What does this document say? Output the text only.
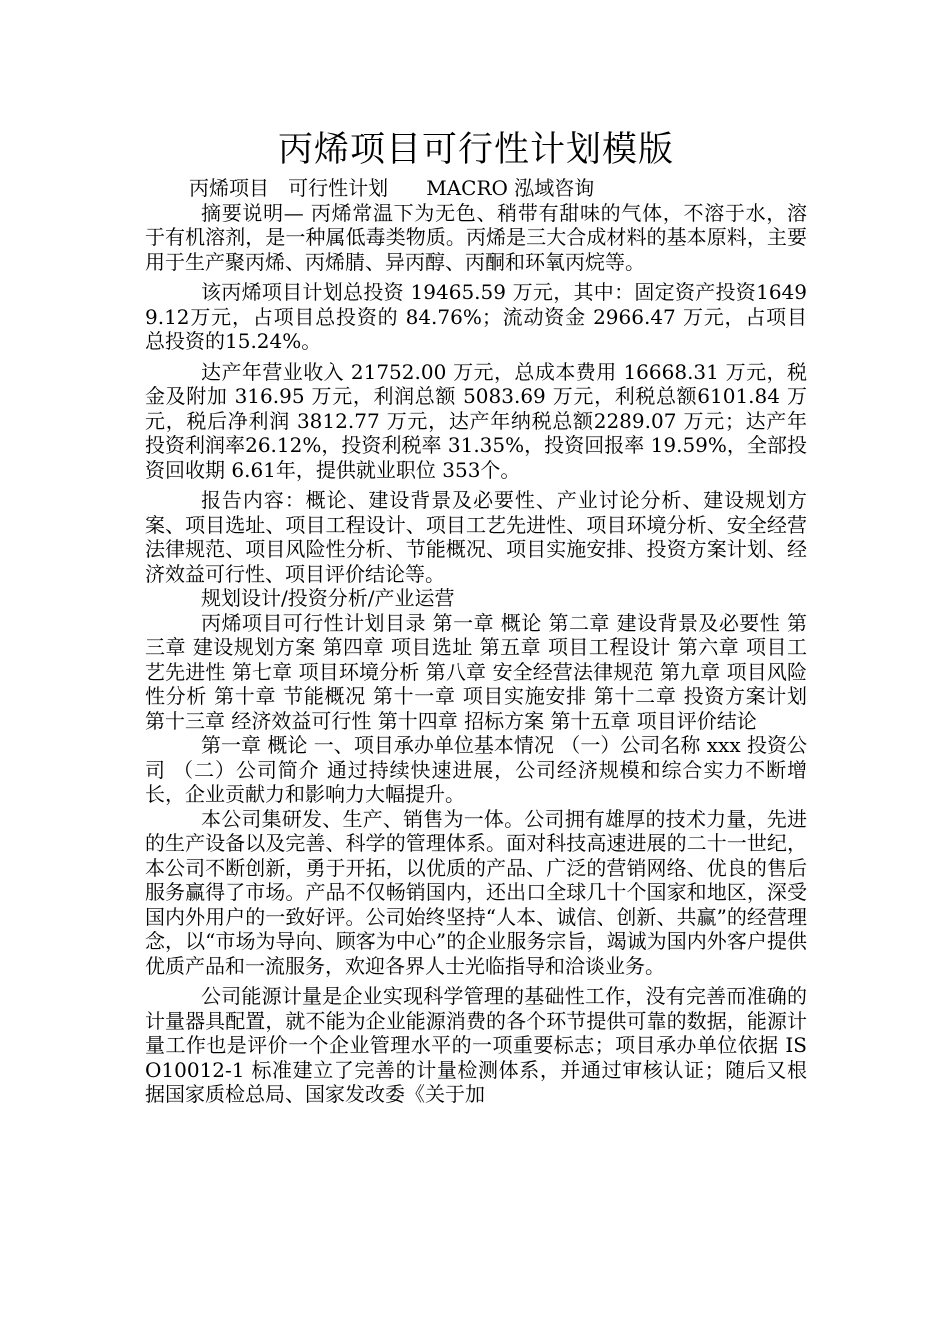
丙烯项目可行性计划模版

丙烯项目   可行性计划      MACRO 泓域咨询

摘要说明— 丙烯常温下为无色、稍带有甜味的气体，不溶于水，溶于有机溶剂，是一种属低毒类物质。丙烯是三大合成材料的基本原料，主要用于生产聚丙烯、丙烯腈、异丙醇、丙酮和环氧丙烷等。

该丙烯项目计划总投资 19465.59 万元，其中：固定资产投资16499.12万元，占项目总投资的 84.76%；流动资金 2966.47 万元，占项目总投资的15.24%。

达产年营业收入 21752.00 万元，总成本费用 16668.31 万元，税金及附加 316.95 万元，利润总额 5083.69 万元，利税总额6101.84 万元，税后净利润 3812.77 万元，达产年纳税总额2289.07 万元；达产年投资利润率26.12%，投资利税率 31.35%，投资回报率 19.59%，全部投资回收期 6.61年，提供就业职位 353个。

报告内容：概论、建设背景及必要性、产业讨论分析、建设规划方案、项目选址、项目工程设计、项目工艺先进性、项目环境分析、安全经营法律规范、项目风险性分析、节能概况、项目实施安排、投资方案计划、经济效益可行性、项目评价结论等。

规划设计/投资分析/产业运营

丙烯项目可行性计划目录 第一章 概论 第二章 建设背景及必要性 第三章 建设规划方案 第四章 项目选址 第五章 项目工程设计 第六章 项目工艺先进性 第七章 项目环境分析 第八章 安全经营法律规范 第九章 项目风险性分析 第十章 节能概况 第十一章 项目实施安排 第十二章 投资方案计划 第十三章 经济效益可行性 第十四章 招标方案 第十五章 项目评价结论

第一章 概论 一、项目承办单位基本情况 （一）公司名称 xxx 投资公司 （二）公司简介 通过持续快速进展，公司经济规模和综合实力不断增长，企业贡献力和影响力大幅提升。

本公司集研发、生产、销售为一体。公司拥有雄厚的技术力量，先进的生产设备以及完善、科学的管理体系。面对科技高速进展的二十一世纪，本公司不断创新，勇于开拓，以优质的产品、广泛的营销网络、优良的售后服务赢得了市场。产品不仅畅销国内，还出口全球几十个国家和地区，深受国内外用户的一致好评。公司始终坚持“人本、诚信、创新、共赢”的经营理念，以“市场为导向、顾客为中心”的企业服务宗旨，竭诚为国内外客户提供优质产品和一流服务，欢迎各界人士光临指导和洽谈业务。

公司能源计量是企业实现科学管理的基础性工作，没有完善而准确的计量器具配置，就不能为企业能源消费的各个环节提供可靠的数据，能源计量工作也是评价一个企业管理水平的一项重要标志；项目承办单位依据 ISO10012-1 标准建立了完善的计量检测体系，并通过审核认证；随后又根据国家质检总局、国家发改委《关于加
